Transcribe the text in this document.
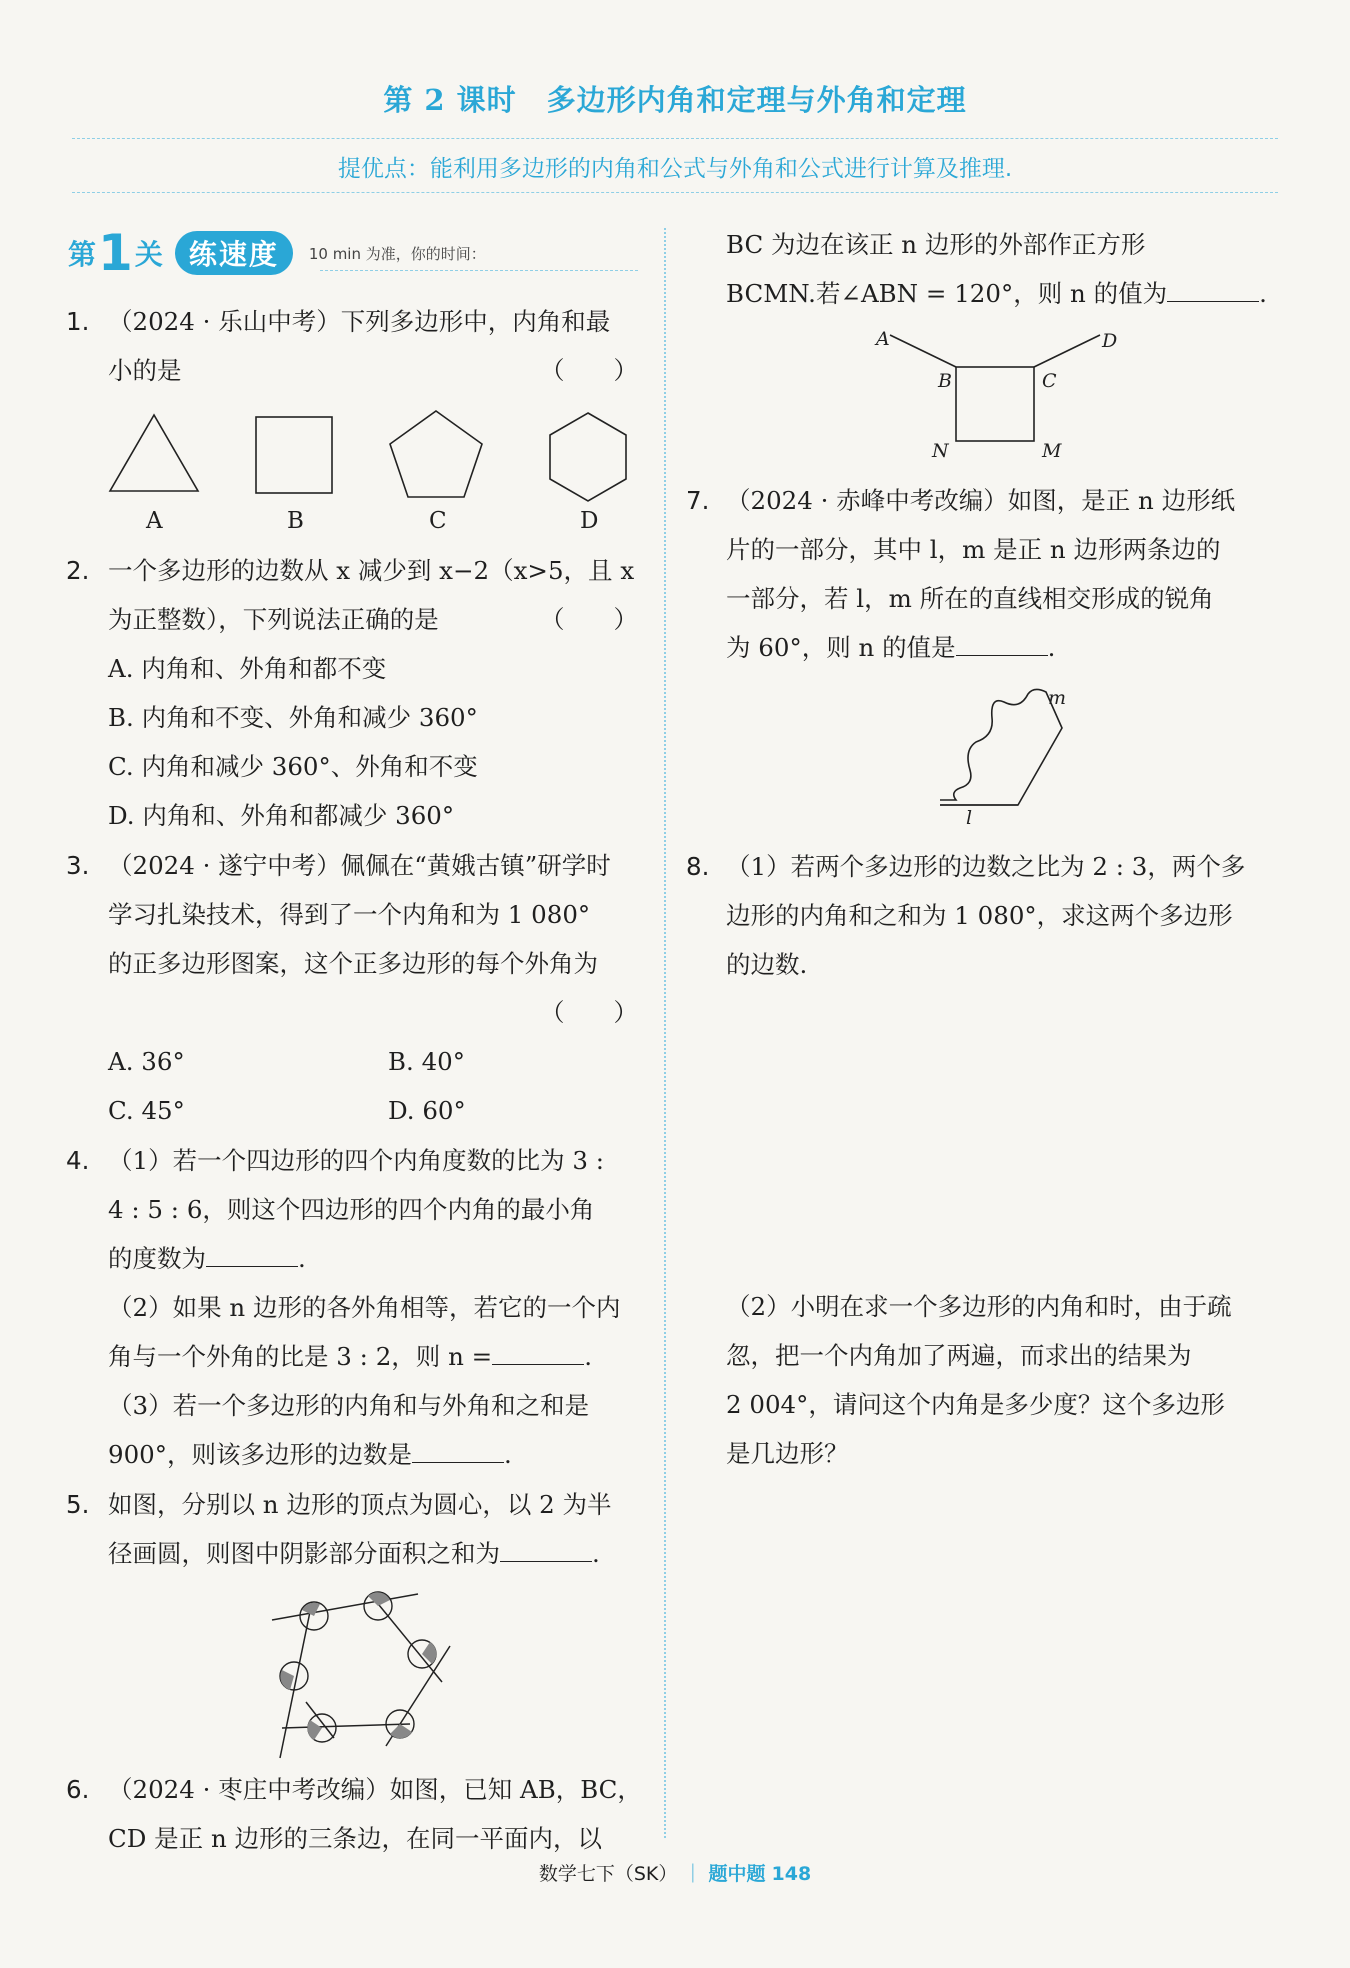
第 2 课时　多边形内角和定理与外角和定理
提优点：能利用多边形的内角和公式与外角和公式进行计算及推理.
第 1 关 练速度	10 min 为准，你的时间：
1. （2024 · 乐山中考）下列多边形中，内角和最
小的是	（　　）
A	B	C	D
2. 一个多边形的边数从 x 减少到 x−2（x>5，且 x
为正整数），下列说法正确的是	（　　）
A. 内角和、外角和都不变
B. 内角和不变、外角和减少 360°
C. 内角和减少 360°、外角和不变
D. 内角和、外角和都减少 360°
3. （2024 · 遂宁中考）佩佩在“黄娥古镇”研学时
学习扎染技术，得到了一个内角和为 1 080°
的正多边形图案，这个正多边形的每个外角为
（　　）
A. 36°	B. 40°
C. 45°	D. 60°
4. （1）若一个四边形的四个内角度数的比为 3 :
4 : 5 : 6，则这个四边形的四个内角的最小角
的度数为	.
（2）如果 n 边形的各外角相等，若它的一个内
角与一个外角的比是 3 : 2，则 n =	.
（3）若一个多边形的内角和与外角和之和是
900°，则该多边形的边数是	.
5. 如图，分别以 n 边形的顶点为圆心，以 2 为半
径画圆，则图中阴影部分面积之和为	.
6. （2024 · 枣庄中考改编）如图，已知 AB，BC，
CD 是正 n 边形的三条边，在同一平面内，以
BC 为边在该正 n 边形的外部作正方形
BCMN.若∠ABN = 120°，则 n 的值为	.
A
B	C
D
N	M
7. （2024 · 赤峰中考改编）如图，是正 n 边形纸
片的一部分，其中 l，m 是正 n 边形两条边的
一部分，若 l，m 所在的直线相交形成的锐角
为 60°，则 n 的值是	.
m
l
8. （1）若两个多边形的边数之比为 2 : 3，两个多
边形的内角和之和为 1 080°，求这两个多边形
的边数.
（2）小明在求一个多边形的内角和时，由于疏
忽，把一个内角加了两遍，而求出的结果为
2 004°，请问这个内角是多少度？这个多边形
是几边形？
数学七下（SK） ｜ 题中题 148
